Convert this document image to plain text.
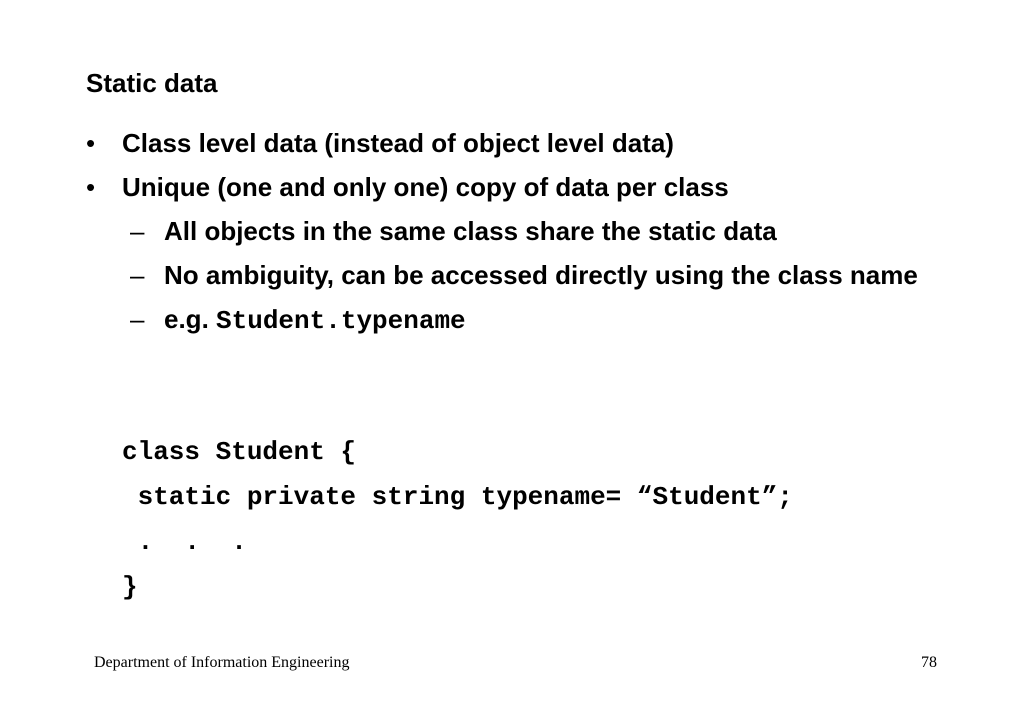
Static data
• Class level data (instead of object level data)
• Unique (one and only one) copy of data per class
– All objects in the same class share the static data
– No ambiguity, can be accessed directly using the class name
– e.g. Student.typename
class Student {
static private string typename= “Student”;
.  .  .
}
Department of Information Engineering	78
